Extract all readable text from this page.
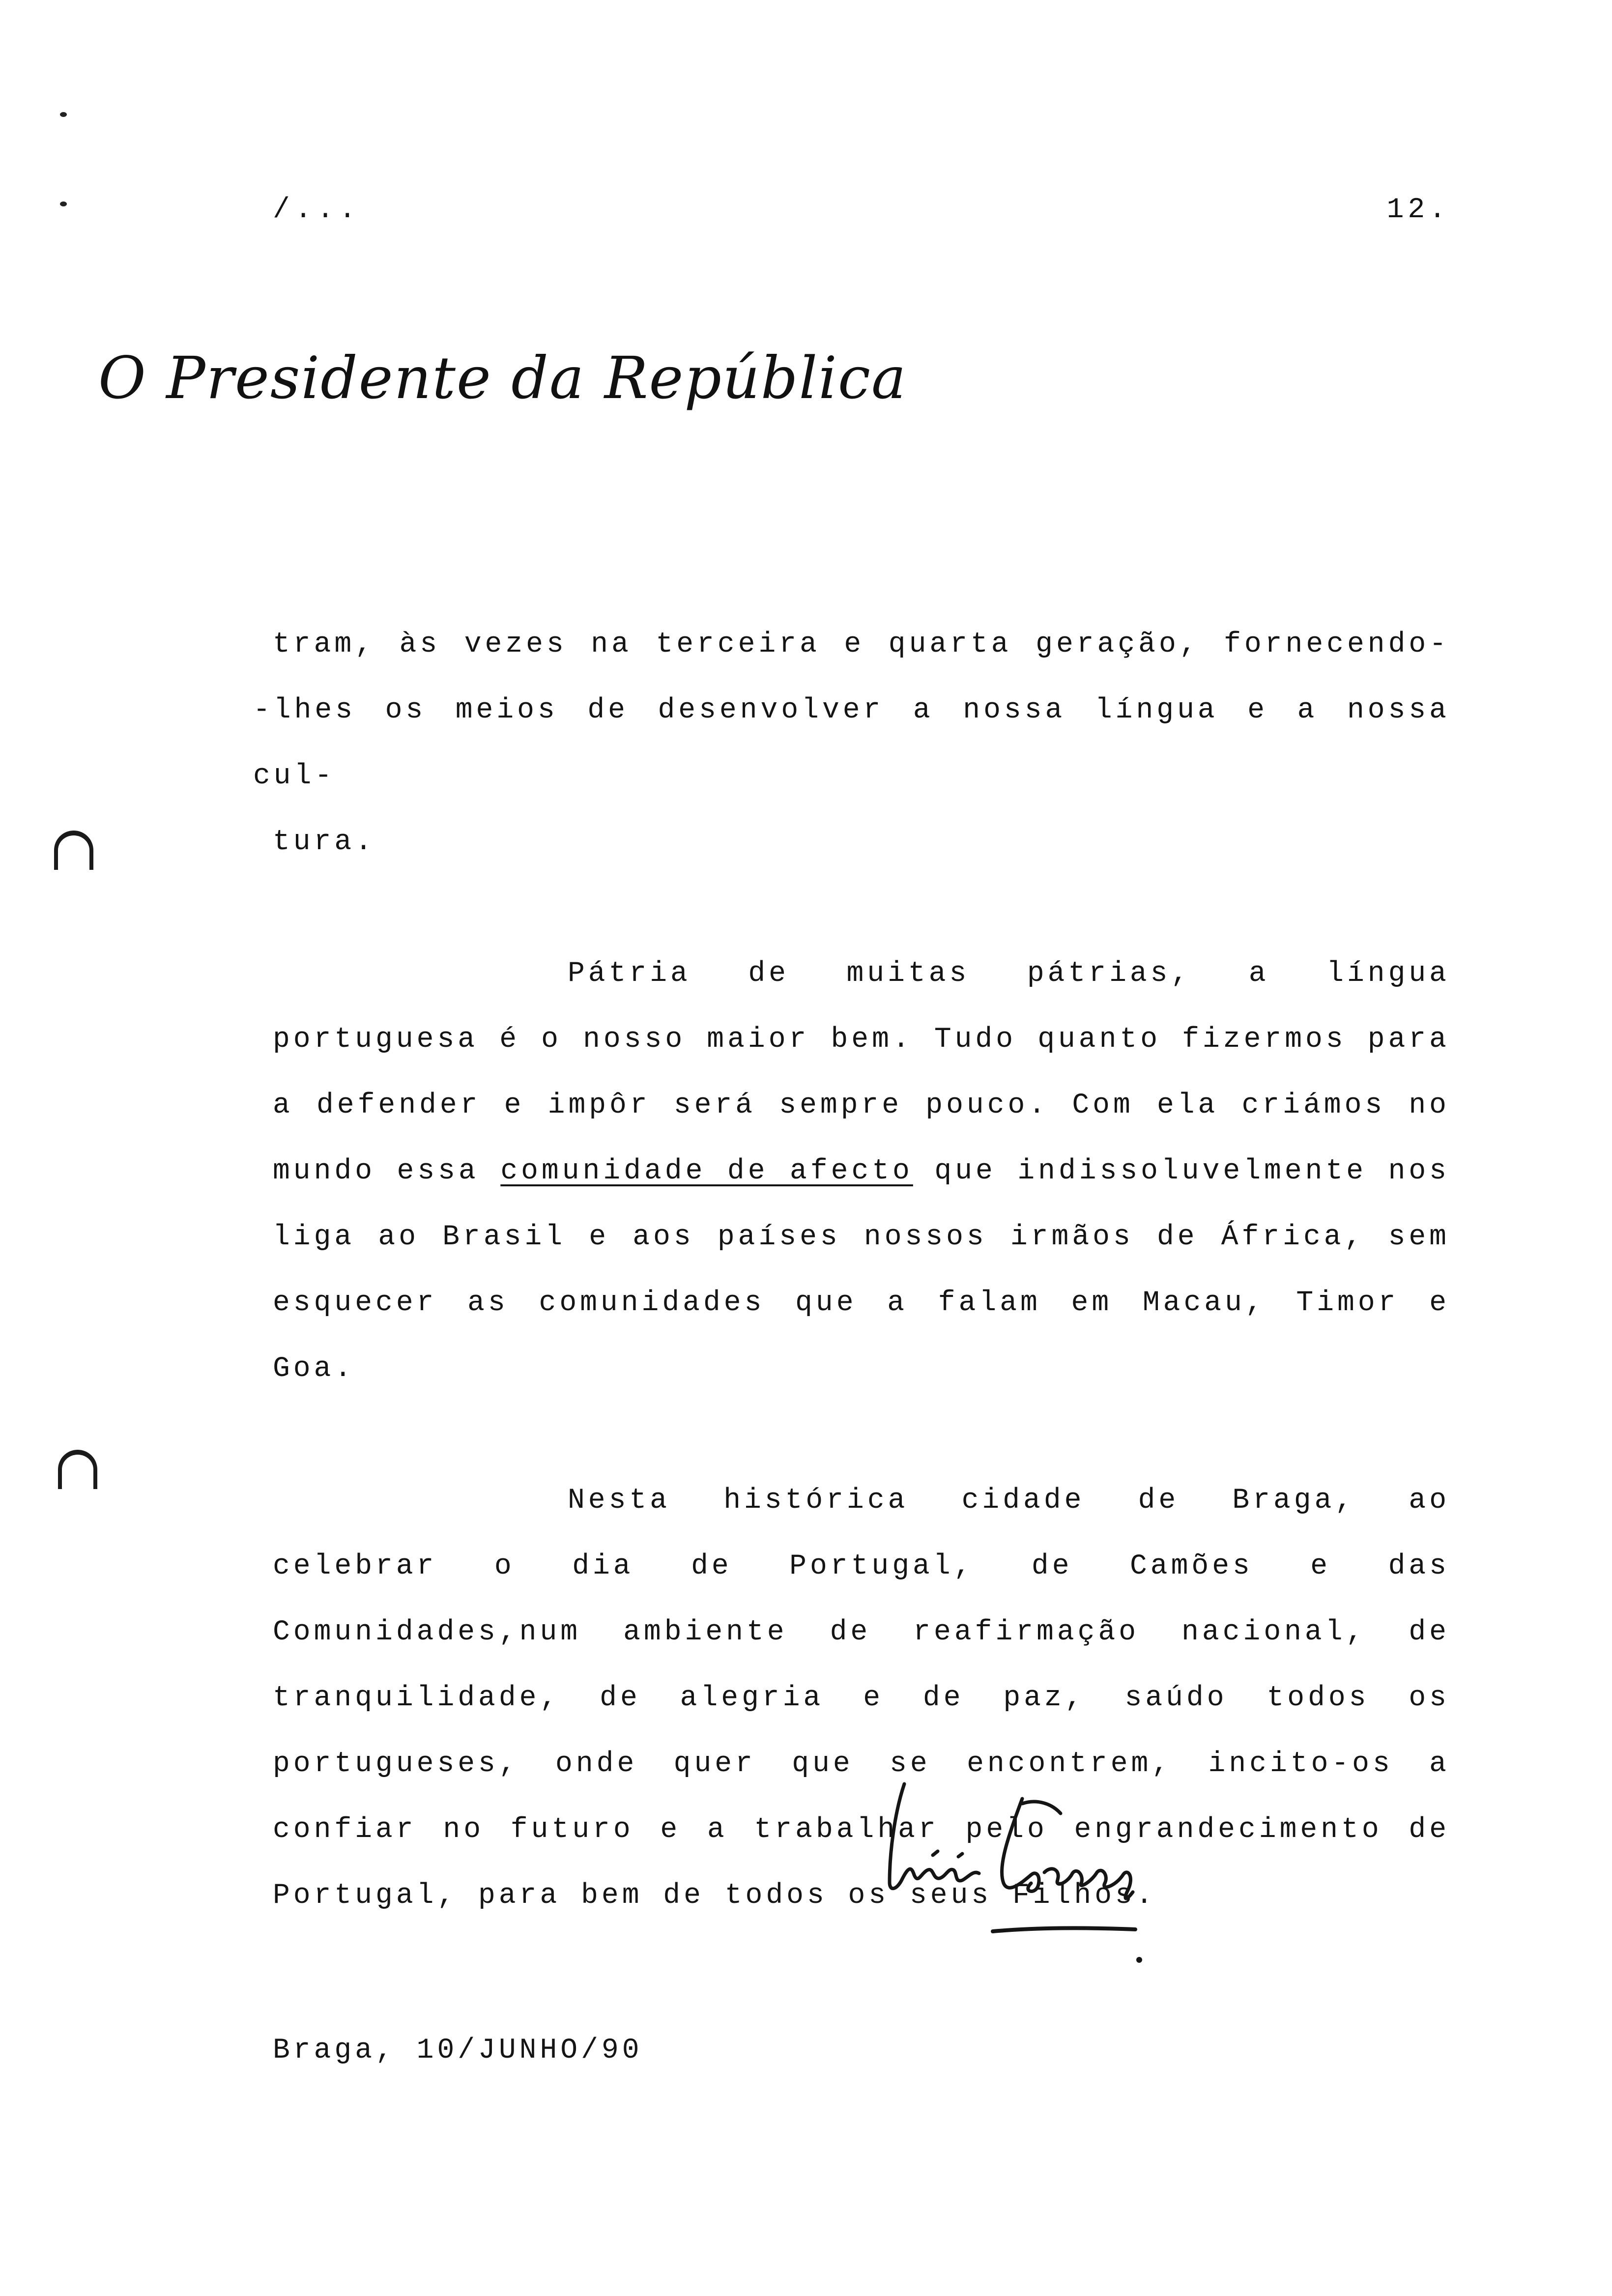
/...	12.
O Presidente da República

tram, às vezes na terceira e quarta geração, fornecendo-
-lhes os meios de desenvolver a nossa língua e a nossa cul-
tura.

Pátria de muitas pátrias, a língua portuguesa é o nosso maior bem. Tudo quanto fizermos para a defender e impôr será sempre pouco. Com ela criámos no mundo essa comunidade de afecto que indissoluvelmente nos liga ao Brasil e aos países nossos irmãos de África, sem esquecer as comunidades que a falam em Macau, Timor e Goa.

Nesta histórica cidade de Braga, ao celebrar o dia de Portugal, de Camões e das Comunidades,num ambiente de reafirmação nacional, de tranquilidade, de alegria e de paz, saúdo todos os portugueses, onde quer que se encontrem, incito-os a confiar no futuro e a trabalhar pelo engrandecimento de Portugal, para bem de todos os seus Filhos.

Braga, 10/JUNHO/90
